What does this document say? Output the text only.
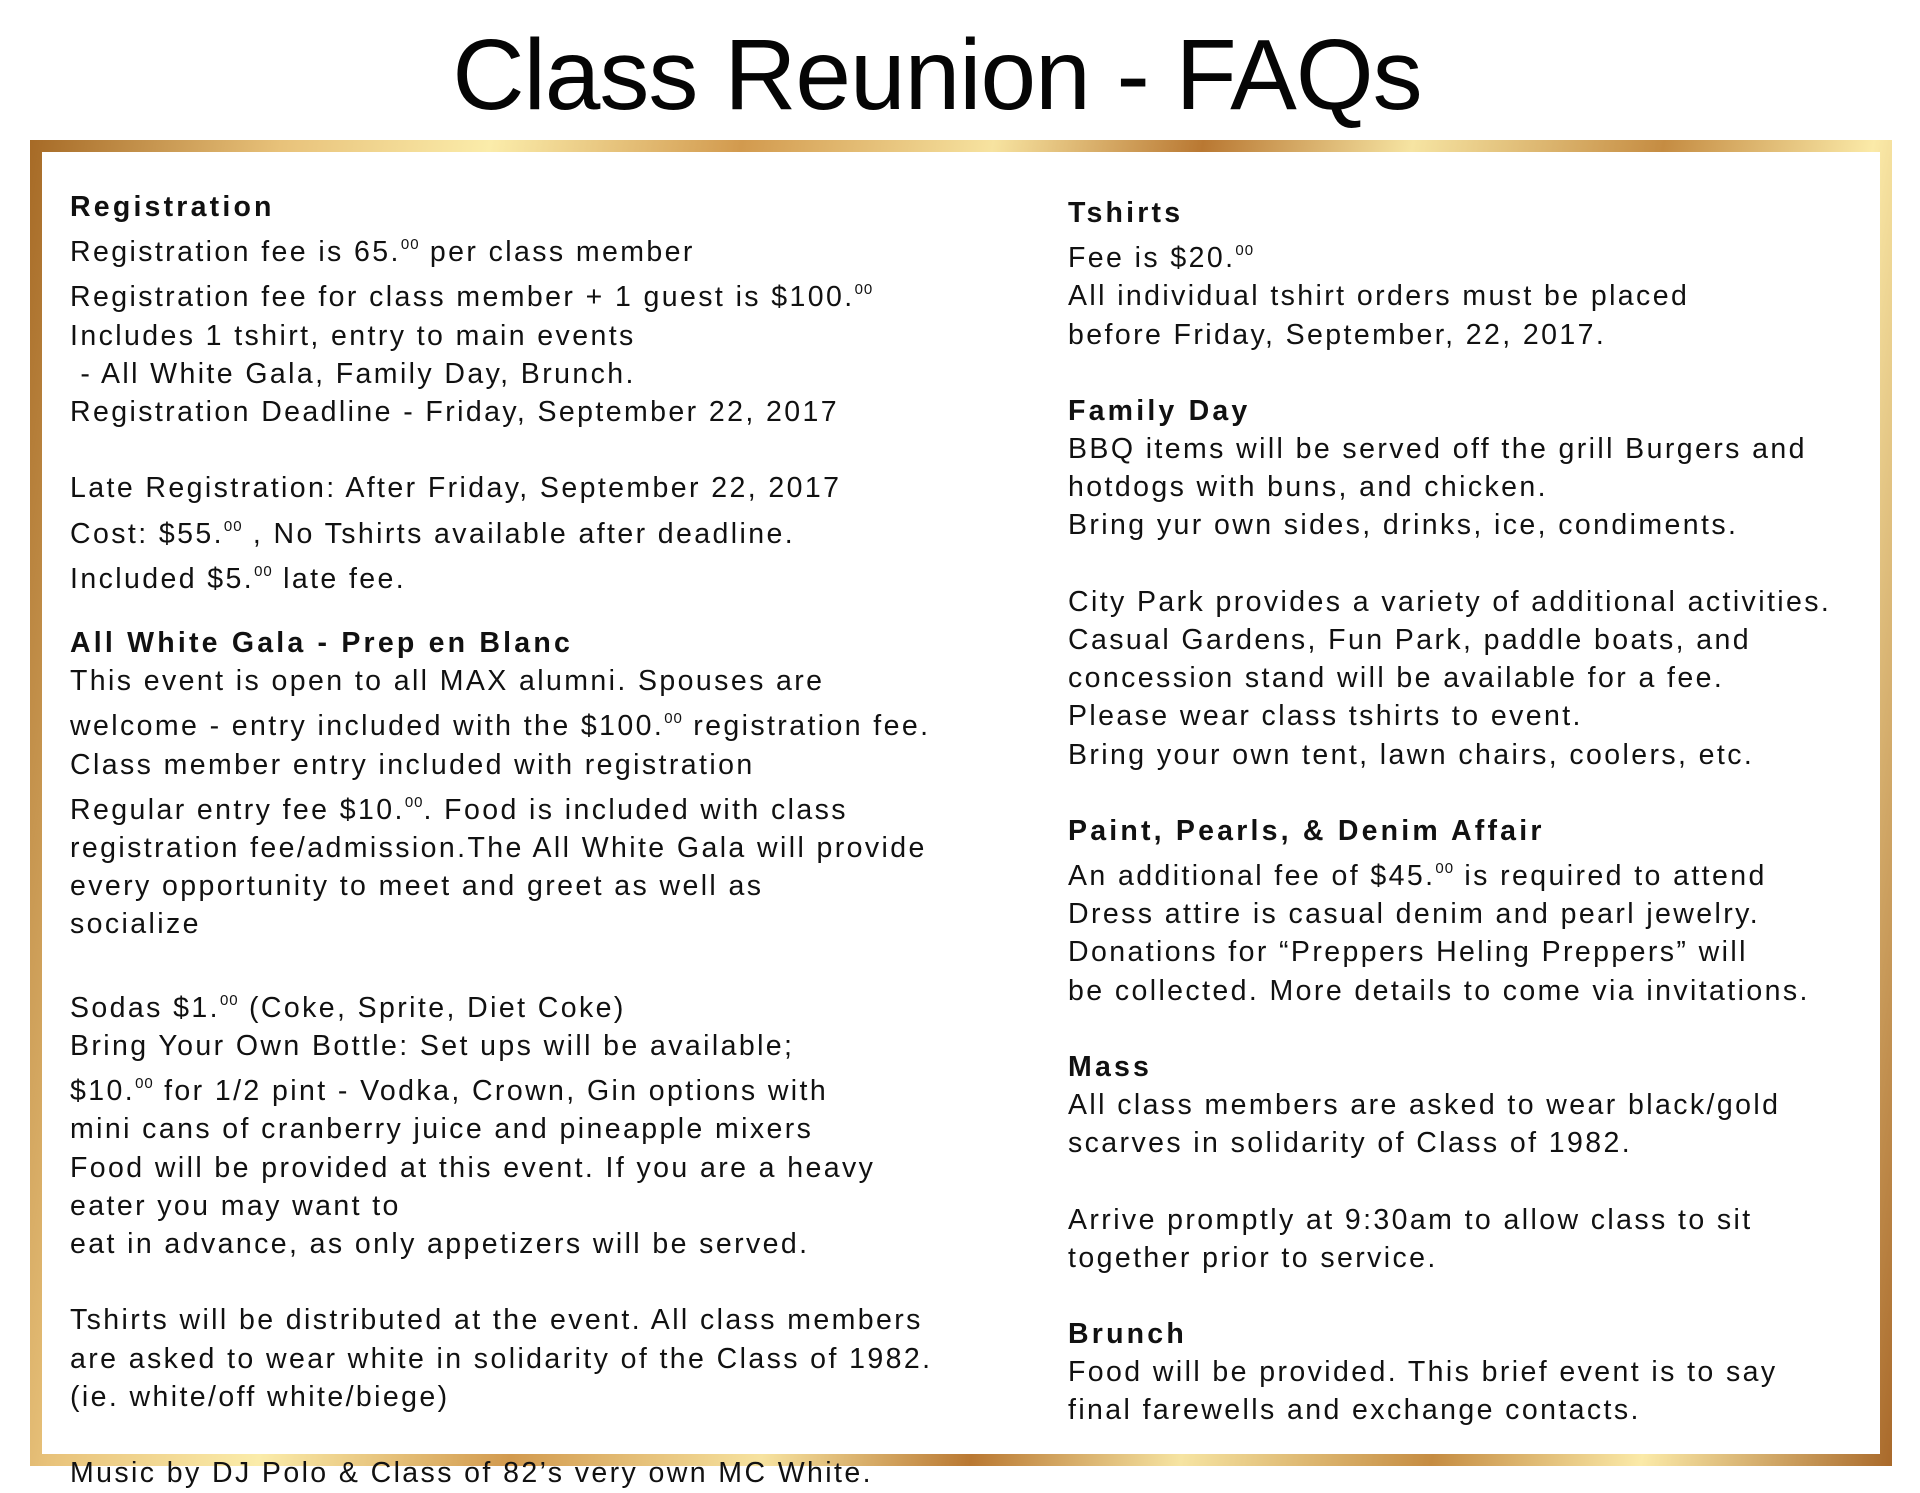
Class Reunion - FAQs
Registration
Registration fee is 65.00 per class member
Registration fee for class member + 1 guest is $100.00
Includes 1 tshirt, entry to main events
- All White Gala, Family Day, Brunch.
Registration Deadline - Friday, September 22, 2017

Late Registration: After Friday, September 22, 2017
Cost: $55.00 , No Tshirts available after deadline.
Included $5.00 late fee.
All White Gala - Prep en Blanc
This event is open to all MAX alumni. Spouses are
welcome - entry included with the $100.00 registration fee.
Class member entry included with registration
Regular entry fee $10.00. Food is included with class
registration fee/admission.The All White Gala will provide
every opportunity to meet and greet as well as
socialize

Sodas $1.00 (Coke, Sprite, Diet Coke)
Bring Your Own Bottle: Set ups will be available;
$10.00 for 1/2 pint - Vodka, Crown, Gin options with
mini cans of cranberry juice and pineapple mixers
Food will be provided at this event. If you are a heavy
eater you may want to
eat in advance, as only appetizers will be served.

Tshirts will be distributed at the event. All class members
are asked to wear white in solidarity of the Class of 1982.
(ie. white/off white/biege)

Music by DJ Polo & Class of 82’s very own MC White.
Tshirts
Fee is $20.00
All individual tshirt orders must be placed
before Friday, September, 22, 2017.
Family Day
BBQ items will be served off the grill Burgers and
hotdogs with buns, and chicken.
Bring yur own sides, drinks, ice, condiments.

City Park provides a variety of additional activities.
Casual Gardens, Fun Park, paddle boats, and
concession stand will be available for a fee.
Please wear class tshirts to event.
Bring your own tent, lawn chairs, coolers, etc.
Paint, Pearls, & Denim Affair
An additional fee of $45.00 is required to attend
Dress attire is casual denim and pearl jewelry.
Donations for “Preppers Heling Preppers” will
be collected. More details to come via invitations.
Mass
All class members are asked to wear black/gold
scarves in solidarity of Class of 1982.

Arrive promptly at 9:30am to allow class to sit
together prior to service.
Brunch
Food will be provided. This brief event is to say
final farewells and exchange contacts.
